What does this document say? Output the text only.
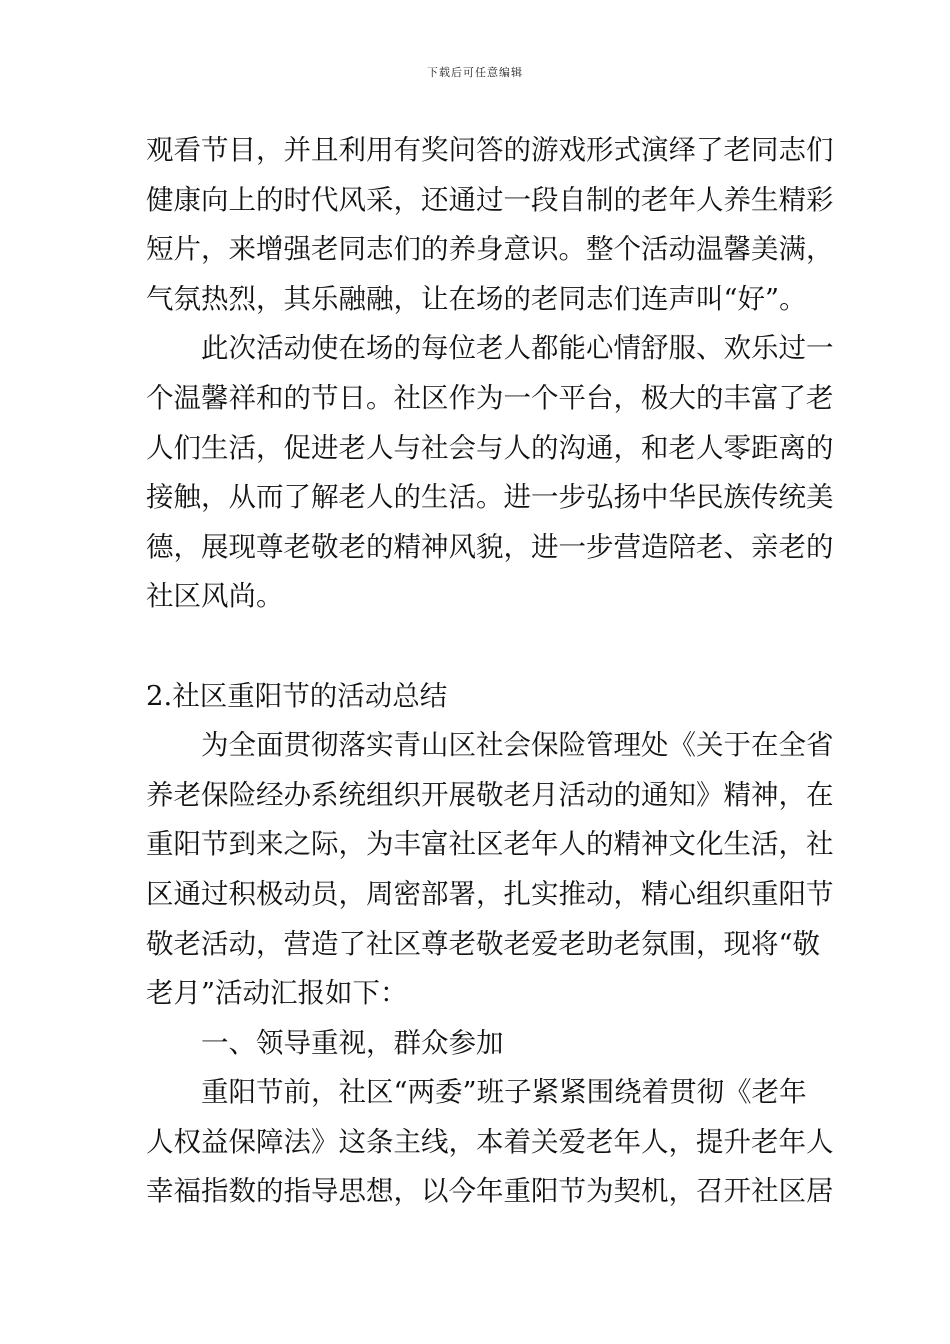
下载后可任意编辑
观看节目，并且利用有奖问答的游戏形式演绎了老同志们
健康向上的时代风采，还通过一段自制的老年人养生精彩
短片，来增强老同志们的养身意识。整个活动温馨美满，
气氛热烈，其乐融融，让在场的老同志们连声叫“好”。
此次活动使在场的每位老人都能心情舒服、欢乐过一
个温馨祥和的节日。社区作为一个平台，极大的丰富了老
人们生活，促进老人与社会与人的沟通，和老人零距离的
接触，从而了解老人的生活。进一步弘扬中华民族传统美
德，展现尊老敬老的精神风貌，进一步营造陪老、亲老的
社区风尚。
2.社区重阳节的活动总结
为全面贯彻落实青山区社会保险管理处《关于在全省
养老保险经办系统组织开展敬老月活动的通知》精神，在
重阳节到来之际，为丰富社区老年人的精神文化生活，社
区通过积极动员，周密部署，扎实推动，精心组织重阳节
敬老活动，营造了社区尊老敬老爱老助老氛围，现将“敬
老月”活动汇报如下：
一、领导重视，群众参加
重阳节前，社区“两委”班子紧紧围绕着贯彻《老年
人权益保障法》这条主线，本着关爱老年人，提升老年人
幸福指数的指导思想，以今年重阳节为契机，召开社区居
